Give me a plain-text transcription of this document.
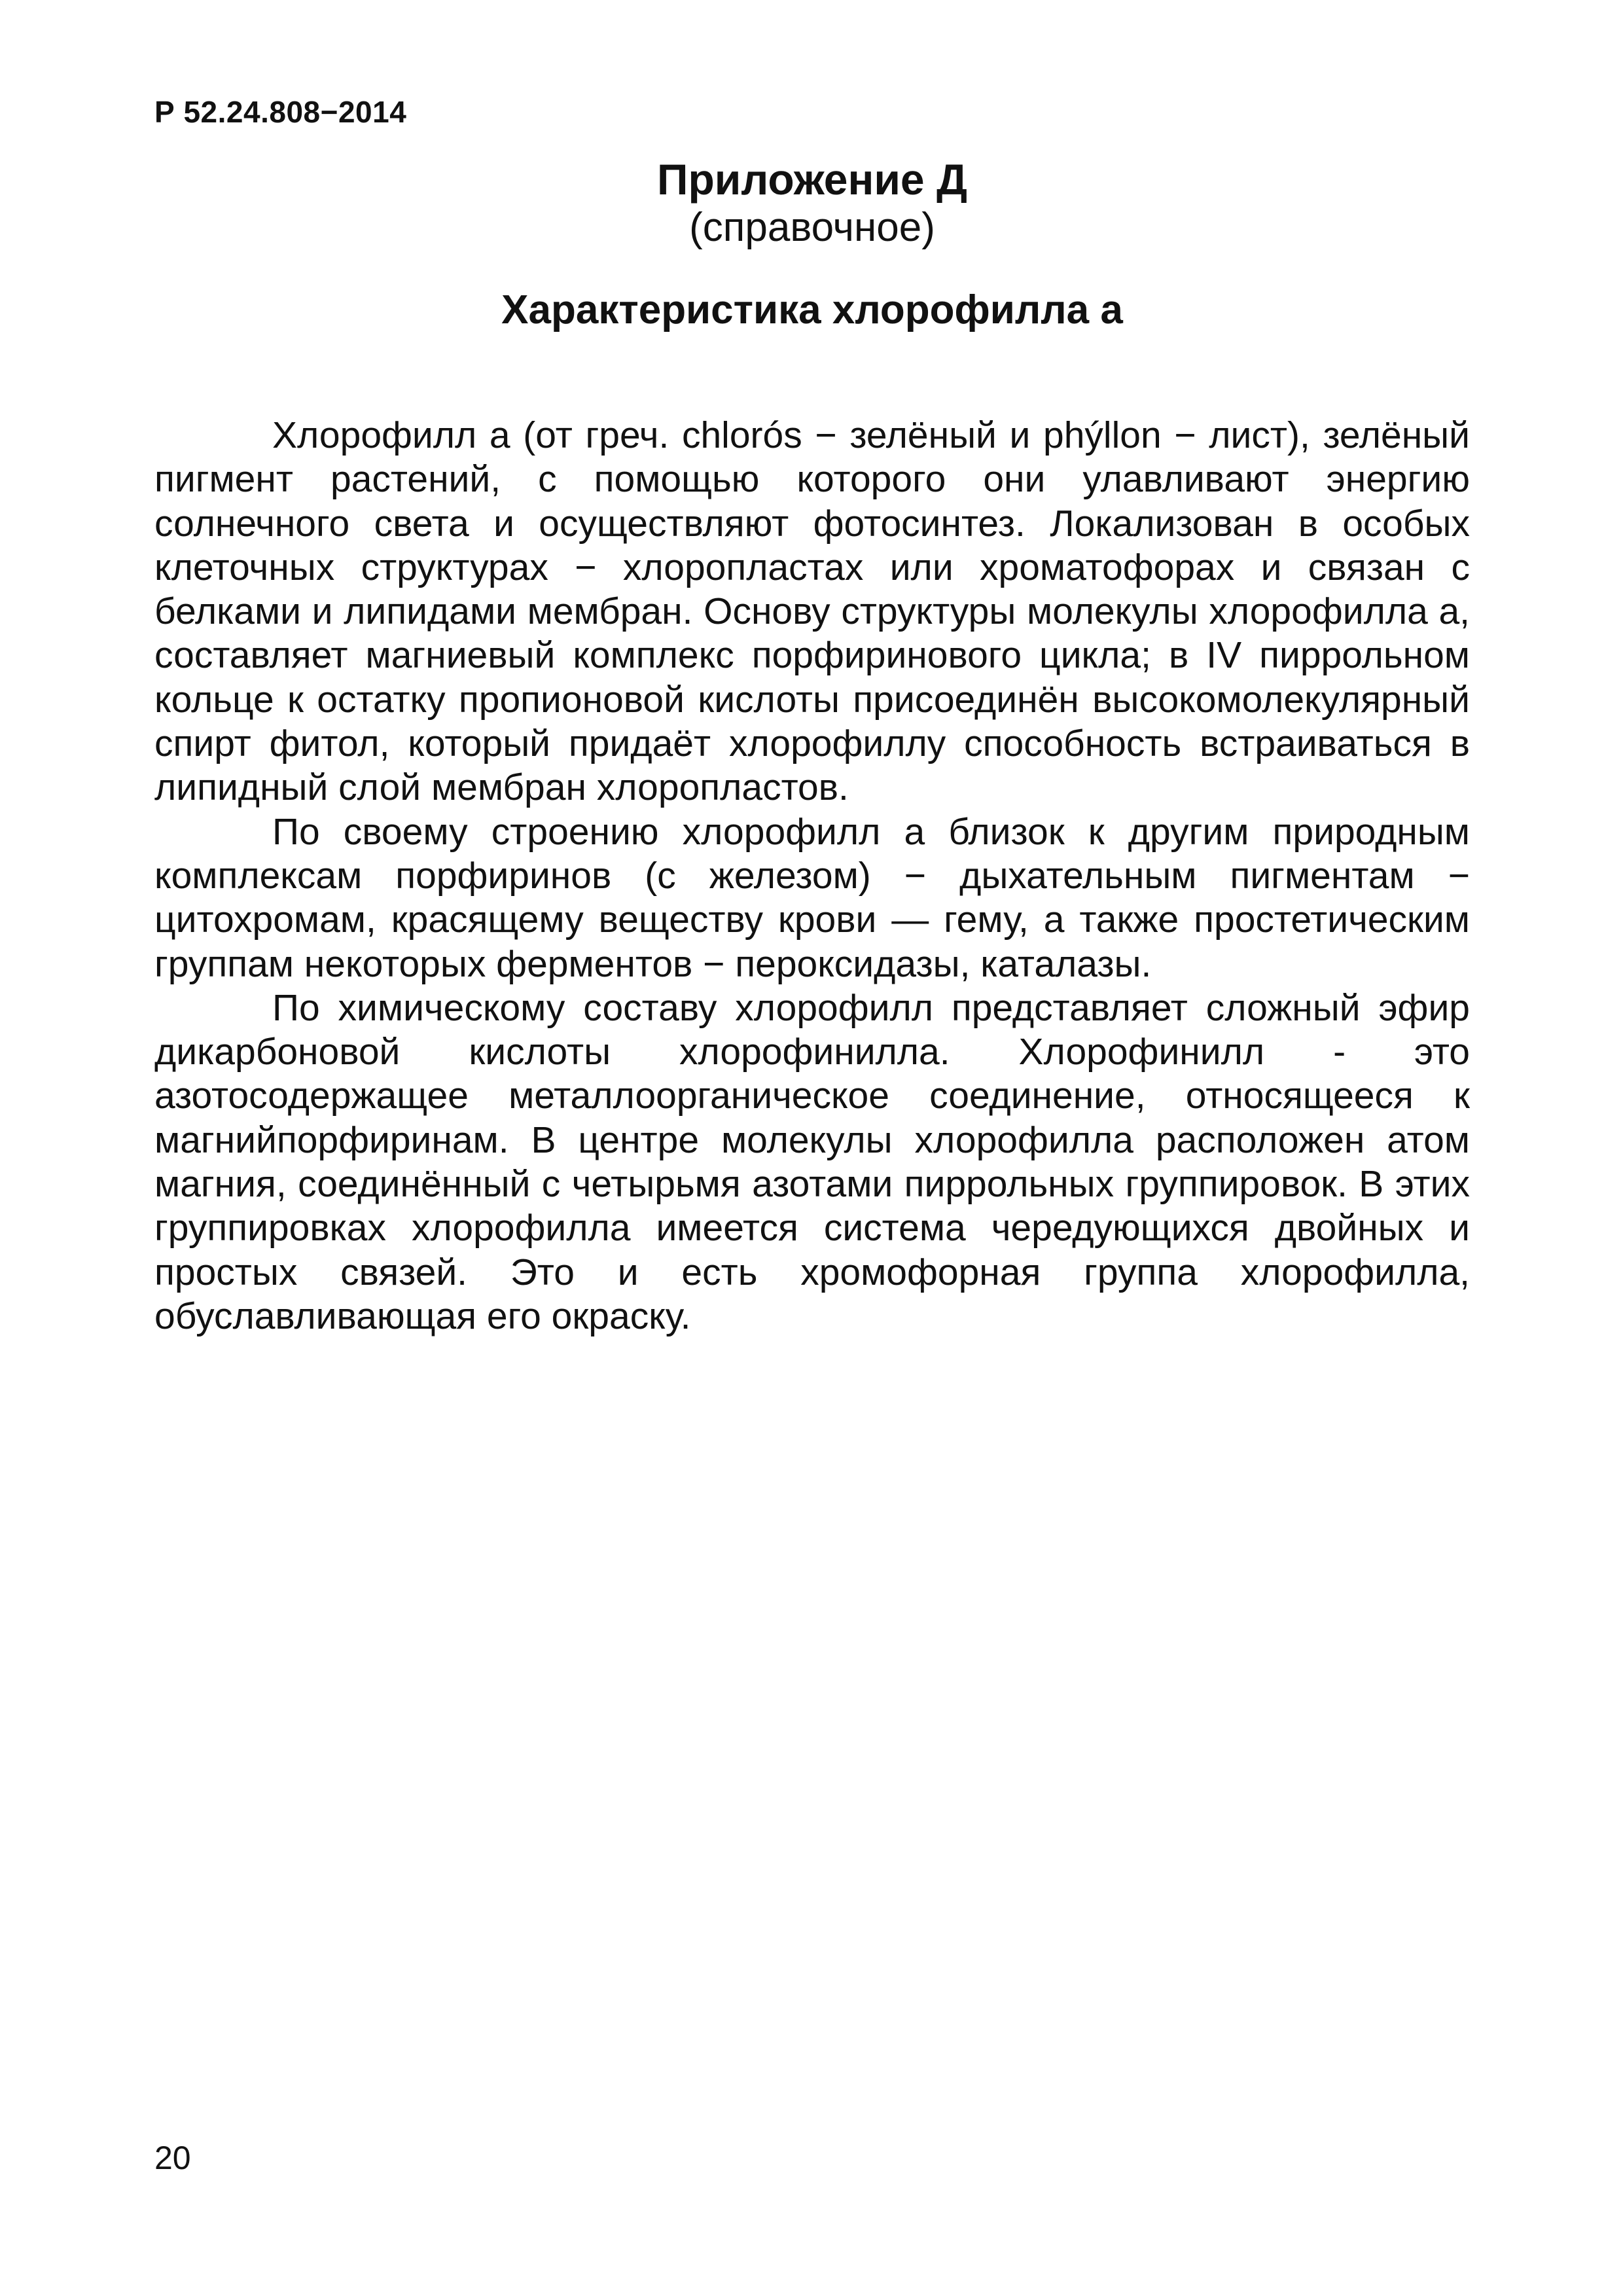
Р 52.24.808−2014
Приложение Д
(справочное)
Характеристика хлорофилла а

Хлорофилл а (от греч. chlorós − зелёный и phýllon − лист), зелёный пигмент растений, с помощью которого они улавливают энергию солнечного света и осуществляют фотосинтез. Локализован в особых клеточных структурах − хлоропластах или хроматофорах и связан с белками и липидами мембран. Основу структуры молекулы хлорофилла а, составляет магниевый комплекс порфиринового цикла; в IV пиррольном кольце к остатку пропионовой кислоты присоединён высокомолекулярный спирт фитол, который придаёт хлорофиллу способность встраиваться в липидный слой мембран хлоропластов.

По своему строению хлорофилл а близок к другим природным комплексам порфиринов (с железом) − дыхательным пигментам − цитохромам, красящему веществу крови — гему, а также простетическим группам некоторых ферментов − пероксидазы, каталазы.

По химическому составу хлорофилл представляет сложный эфир дикарбоновой кислоты хлорофинилла. Хлорофинилл - это азотосодержащее металлоорганическое соединение, относящееся к магнийпорфиринам. В центре молекулы хлорофилла расположен атом магния, соединённый с четырьмя азотами пиррольных группировок. В этих группировках хлорофилла имеется система чередующихся двойных и простых связей. Это и есть хромофорная группа хлорофилла, обуславливающая его окраску.

20
